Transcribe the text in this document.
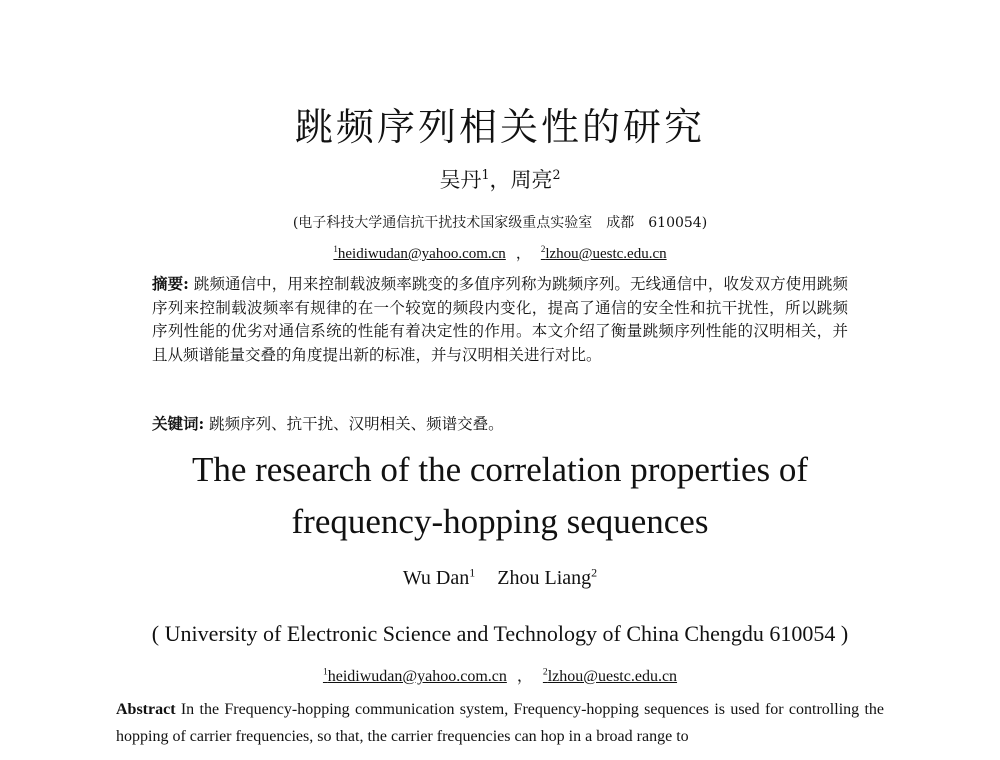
跳频序列相关性的研究
吴丹$^1$，周亮$^2$
(电子科技大学通信抗干扰技术国家级重点实验室　成都　610054)
$^1$heidiwudan@yahoo.com.cn ， $^2$lzhou@uestc.edu.cn
摘要: 跳频通信中，用来控制载波频率跳变的多值序列称为跳频序列。无线通信中，收发双方使用跳频序列来控制载波频率有规律的在一个较宽的频段内变化，提高了通信的安全性和抗干扰性，所以跳频序列性能的优劣对通信系统的性能有着决定性的作用。本文介绍了衡量跳频序列性能的汉明相关，并且从频谱能量交叠的角度提出新的标准，并与汉明相关进行对比。
关键词: 跳频序列、抗干扰、汉明相关、频谱交叠。
The research of the correlation properties of
frequency-hopping sequences
Wu Dan$^1$ Zhou Liang$^2$
( University of Electronic Science and Technology of China Chengdu 610054 )
$^1$heidiwudan@yahoo.com.cn ， $^2$lzhou@uestc.edu.cn
Abstract In the Frequency-hopping communication system, Frequency-hopping sequences is used for controlling the hopping of carrier frequencies, so that, the carrier frequencies can hop in a broad range to
